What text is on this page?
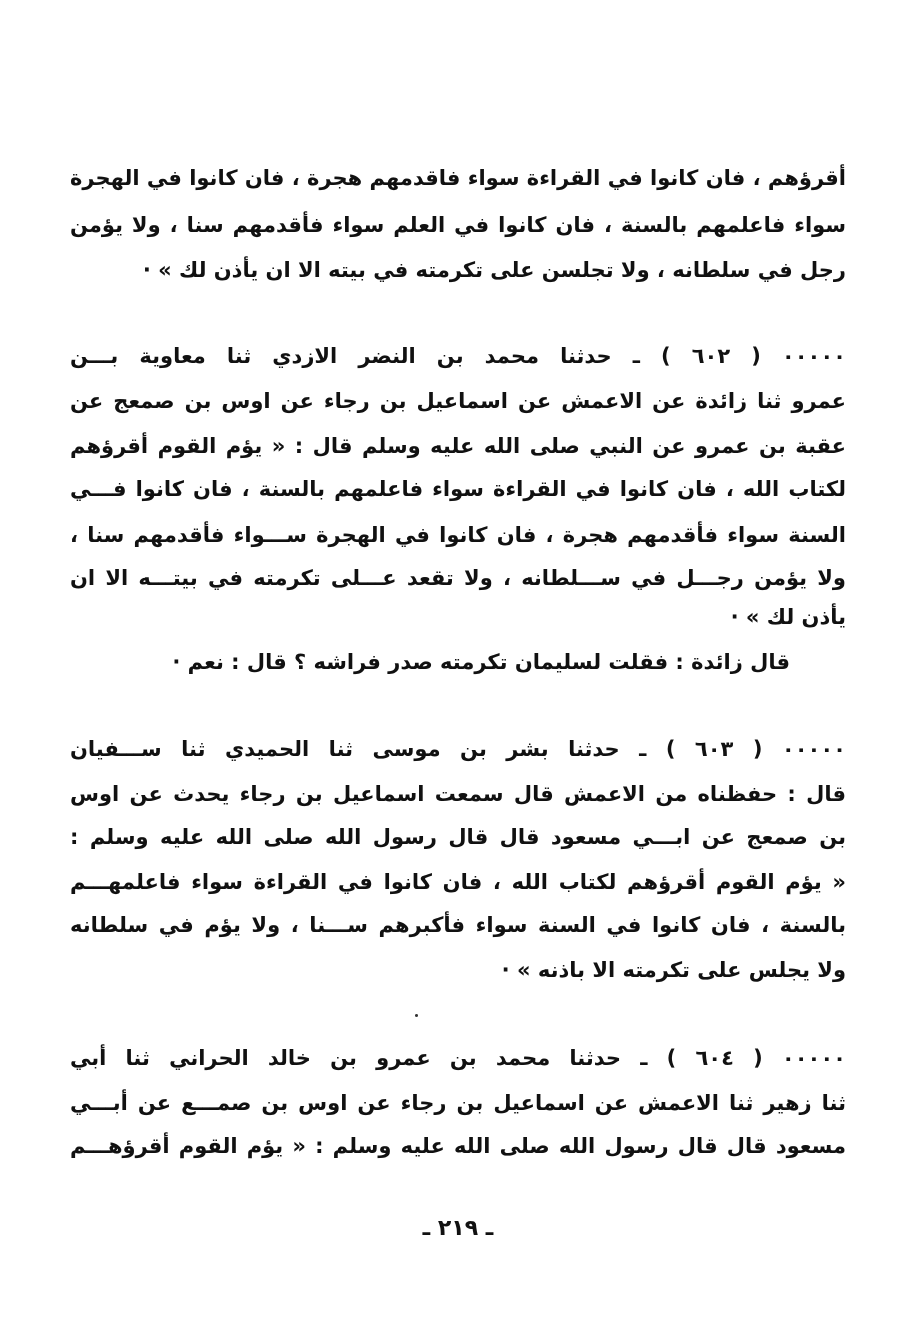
أقرؤهم ، فان كانوا في القراءة سواء فاقدمهم هجرة ، فان كانوا في الهجرة
سواء فاعلمهم بالسنة ، فان كانوا في العلم سواء فأقدمهم سنا ، ولا يؤمن
رجل في سلطانه ، ولا تجلسن على تكرمته في بيته الا ان يأذن لك » ·
٠٠٠٠٠ ( ٦٠٢ ) ـ حدثنا محمد بن النضر الازدي ثنا معاوية بـــن
عمرو ثنا زائدة عن الاعمش عن اسماعيل بن رجاء عن اوس بن صمعج عن
عقبة بن عمرو عن النبي صلى الله عليه وسلم قال : « يؤم القوم أقرؤهم
لكتاب الله ، فان كانوا في القراءة سواء فاعلمهم بالسنة ، فان كانوا فـــي
السنة سواء فأقدمهم هجرة ، فان كانوا في الهجرة ســـواء فأقدمهم سنا ،
ولا يؤمن رجـــل في ســـلطانه ، ولا تقعد عـــلى تكرمته في بيتـــه الا ان
يأذن لك » ·
قال زائدة : فقلت لسليمان تكرمته صدر فراشه ؟ قال : نعم ·
٠٠٠٠٠ ( ٦٠٣ ) ـ حدثنا بشر بن موسى ثنا الحميدي ثنا ســـفيان
قال : حفظناه من الاعمش قال سمعت اسماعيل بن رجاء يحدث عن اوس
بن صمعج عن ابـــي مسعود قال قال رسول الله صلى الله عليه وسلم :
« يؤم القوم أقرؤهم لكتاب الله ، فان كانوا في القراءة سواء فاعلمهـــم
بالسنة ، فان كانوا في السنة سواء فأكبرهم ســـنا ، ولا يؤم في سلطانه
ولا يجلس على تكرمته الا باذنه » ·
٠٠٠٠٠ ( ٦٠٤ ) ـ حدثنا محمد بن عمرو بن خالد الحراني ثنا أبي
ثنا زهير ثنا الاعمش عن اسماعيل بن رجاء عن اوس بن صمـــع عن أبـــي
مسعود قال قال رسول الله صلى الله عليه وسلم : « يؤم القوم أقرؤهـــم
ـ ٢١٩ ـ
